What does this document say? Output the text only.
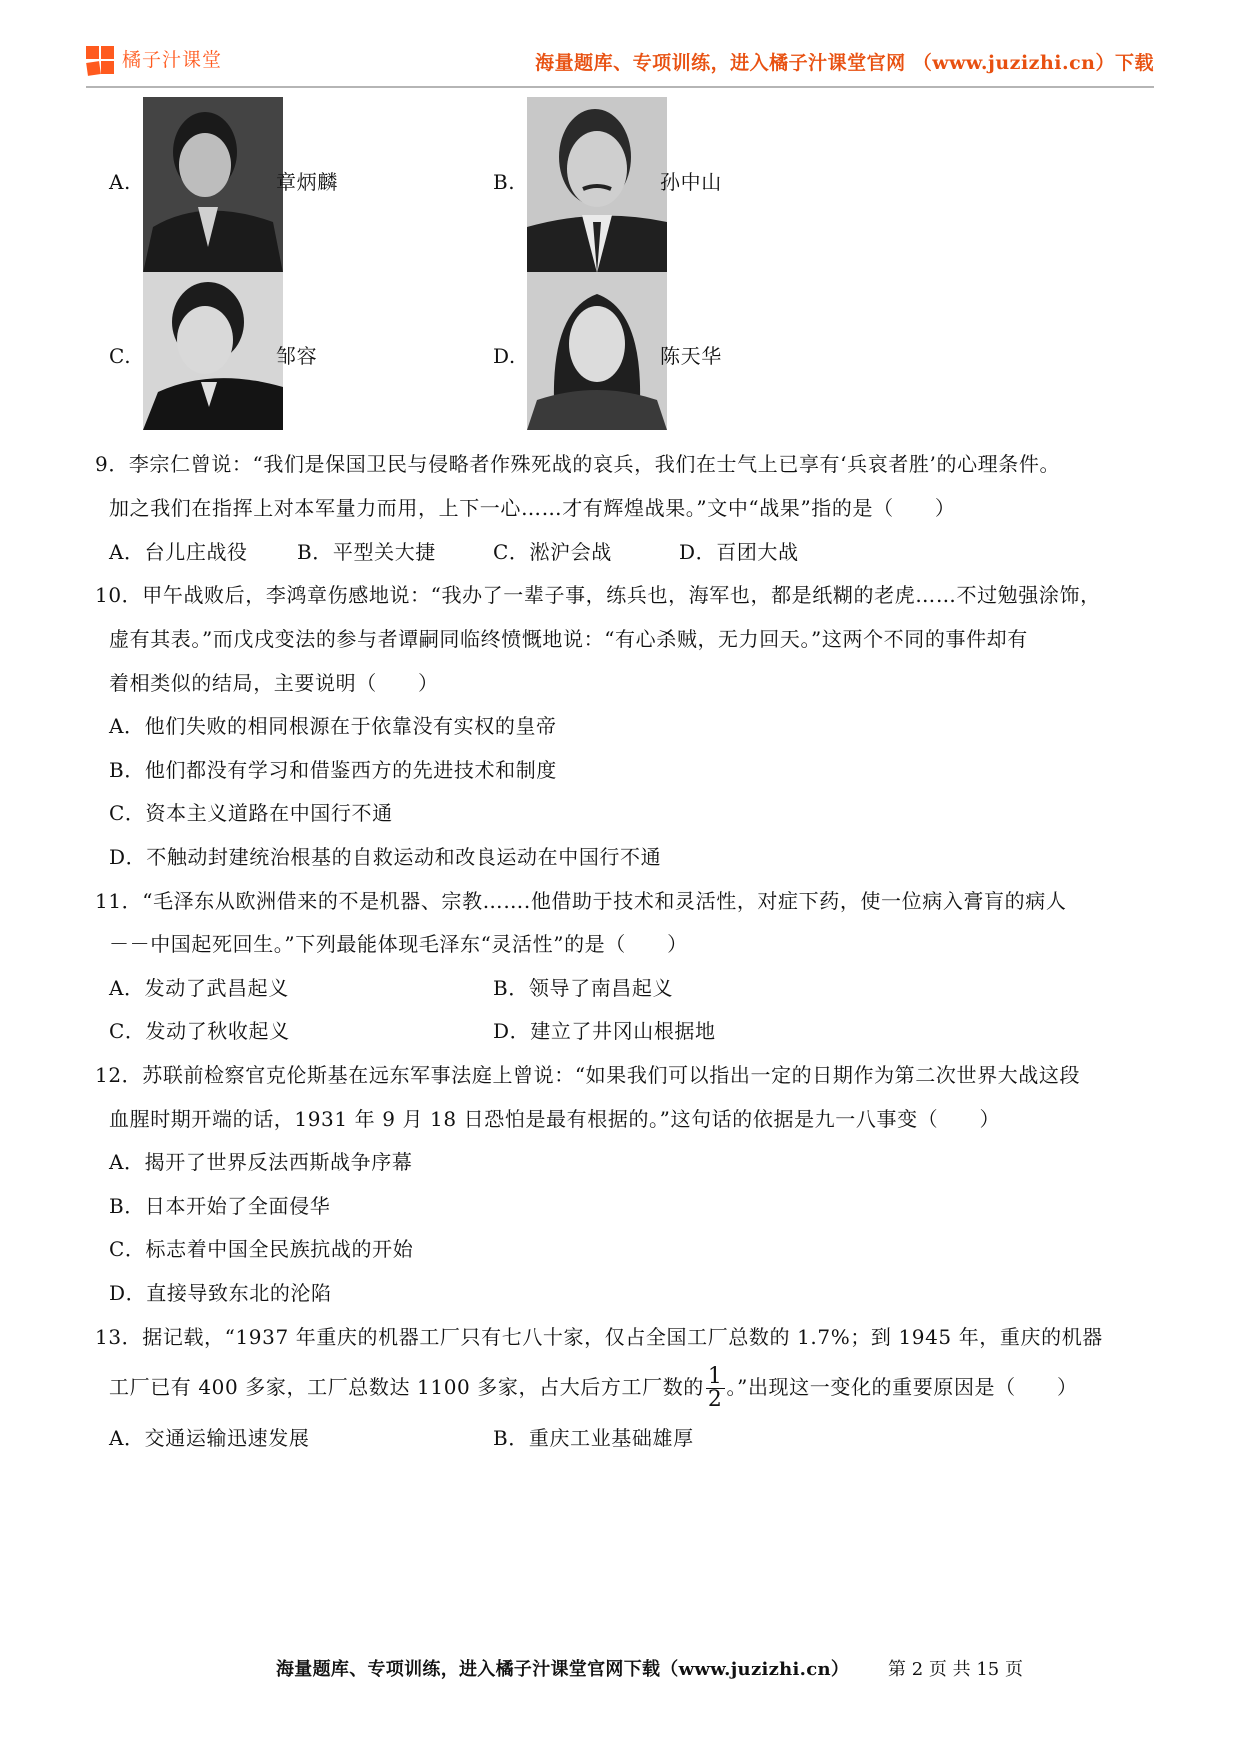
橘子汁课堂	海量题库、专项训练，进入橘子汁课堂官网 （www.juzizhi.cn）下载
A.	章炳麟	B.	孙中山
C.	邹容	D.	陈天华
9．李宗仁曾说：“我们是保国卫民与侵略者作殊死战的哀兵，我们在士气上已享有‘兵哀者胜’的心理条件。
加之我们在指挥上对本军量力而用，上下一心……才有辉煌战果。”文中“战果”指的是（　　）
A．台儿庄战役 B．平型关大捷	C．淞沪会战	D．百团大战
10．甲午战败后，李鸿章伤感地说：“我办了一辈子事，练兵也，海军也，都是纸糊的老虎……不过勉强涂饰，
虚有其表。”而戊戌变法的参与者谭嗣同临终愤慨地说：“有心杀贼，无力回天。”这两个不同的事件却有
着相类似的结局，主要说明（　　）
A．他们失败的相同根源在于依靠没有实权的皇帝
B．他们都没有学习和借鉴西方的先进技术和制度
C．资本主义道路在中国行不通
D．不触动封建统治根基的自救运动和改良运动在中国行不通
11．“毛泽东从欧洲借来的不是机器、宗教…….他借助于技术和灵活性，对症下药，使一位病入膏肓的病人
－－中国起死回生。”下列最能体现毛泽东“灵活性”的是（　　）
A．发动了武昌起义	B．领导了南昌起义
C．发动了秋收起义	D．建立了井冈山根据地
12．苏联前检察官克伦斯基在远东军事法庭上曾说：“如果我们可以指出一定的日期作为第二次世界大战这段
血腥时期开端的话，1931 年 9 月 18 日恐怕是最有根据的。”这句话的依据是九一八事变（　　）
A．揭开了世界反法西斯战争序幕
B．日本开始了全面侵华
C．标志着中国全民族抗战的开始
D．直接导致东北的沦陷
13．据记载，“1937 年重庆的机器工厂只有七八十家，仅占全国工厂总数的 1.7%；到 1945 年，重庆的机器
工厂已有 400 多家，工厂总数达 1100 多家，占大后方工厂数的 $\frac{1}{2}$ 。”出现这一变化的重要原因是（　　）
A．交通运输迅速发展	B．重庆工业基础雄厚
海量题库、专项训练，进入橘子汁课堂官网下载（www.juzizhi.cn） 第 2 页 共 15 页
